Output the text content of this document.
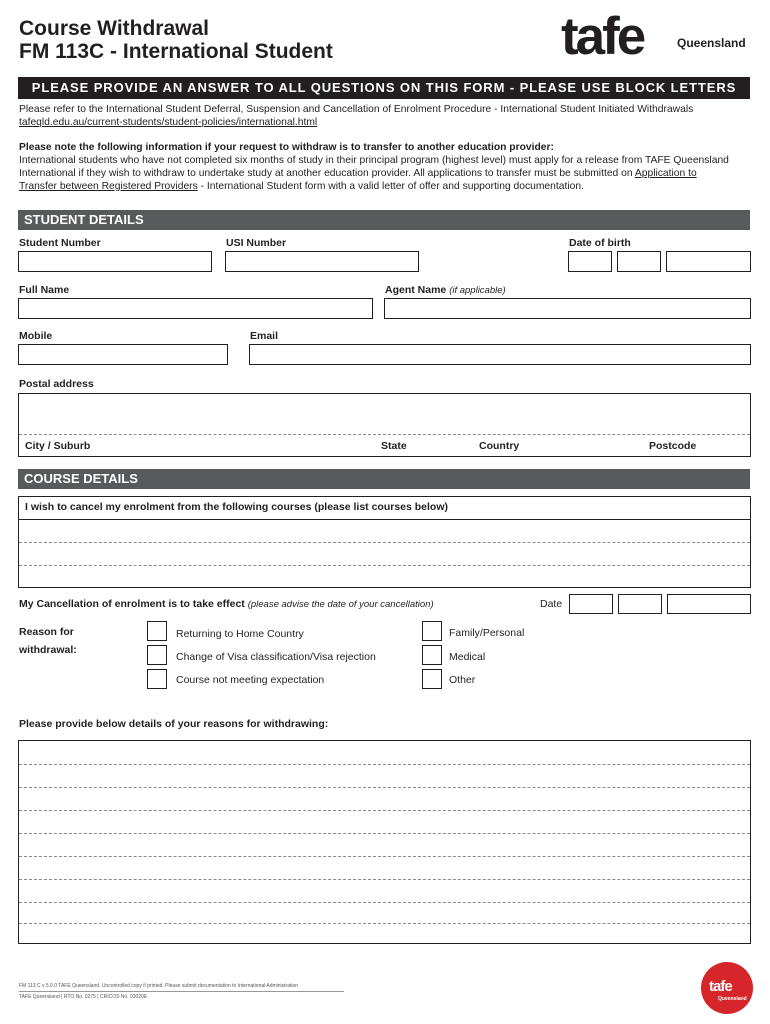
Course Withdrawal
FM 113C - International Student	tafe	Queensland
PLEASE PROVIDE AN ANSWER TO ALL QUESTIONS ON THIS FORM - PLEASE USE BLOCK LETTERS
Please refer to the International Student Deferral, Suspension and Cancellation of Enrolment Procedure - International Student Initiated Withdrawals tafeqld.edu.au/current-students/student-policies/international.html
Please note the following information if your request to withdraw is to transfer to another education provider:
International students who have not completed six months of study in their principal program (highest level) must apply for a release from TAFE Queensland International if they wish to withdraw to undertake study at another education provider. All applications to transfer must be submitted on Application to Transfer between Registered Providers - International Student form with a valid letter of offer and supporting documentation.
STUDENT DETAILS
Student Number	USI Number	Date of birth
Full Name	Agent Name (if applicable)
Mobile	Email
Postal address
City / Suburb	State	Country	Postcode
COURSE DETAILS
I wish to cancel my enrolment from the following courses (please list courses below)
My Cancellation of enrolment is to take effect (please advise the date of your cancellation)	Date
Reason for
withdrawal:
Returning to Home Country
Change of Visa classification/Visa rejection
Course not meeting expectation
Family/Personal
Medical
Other
Please provide below details of your reasons for withdrawing:
FM 113 C v 5.0.0 TAFE Queensland. Uncontrolled copy if printed. Please submit documentation to International Administration
TAFE Queensland | RTO No. 0275 | CRICOS No. 03020E
tafe
Queensland
